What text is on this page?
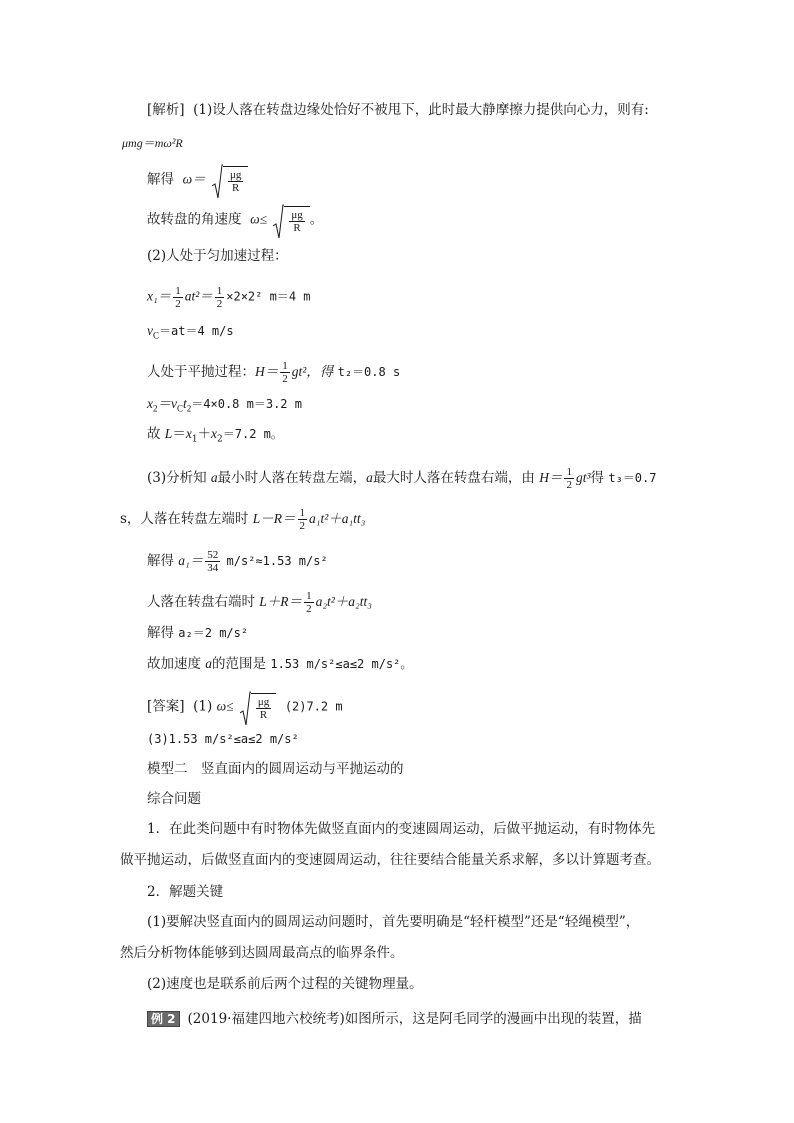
[解析] (1)设人落在转盘边缘处恰好不被甩下，此时最大静摩擦力提供向心力，则有:
μmg＝mω²R
解得 $\omega= \frac{\mu g}{R}$
故转盘的角速度 $\omega\le \frac{\mu g}{R}$ 。
(2)人处于匀加速过程：
$x_1= \frac{1}{2} at^2= \frac{1}{2} \times 2\times 2^2$ m＝4 m
$v_C=at=4$ m/s
人处于平抛过程：$H= \frac{1}{2} gt^2$，得 t₂＝0.8 s
$x_2=v_Ct_2=4\times 0.8$ m＝3.2 m
故 $L=x_1+x_2=7.2$ m。
(3)分析知 a最小时人落在转盘左端，a最大时人落在转盘右端，由 $H= \frac{1}{2} gt^3$得 t₃＝0.7
s，人落在转盘左端时 $L-R= \frac{1}{2} a_1t^2+a_1tt_3$
解得 $a_1= \frac{52}{34} m/s^2\approx 1.53$ m/s²
人落在转盘右端时 $L+R= \frac{1}{2} a_2t^2+a_2tt_3$
解得 a₂＝2 m/s²
故加速度 a的范围是 1.53 m/s²≤a≤2 m/s²。
[答案] (1) $\omega\le \frac{\mu g}{R} (2)7.2$ m
(3)1.53 m/s²≤a≤2 m/s²
模型二　竖直面内的圆周运动与平抛运动的
综合问题
1．在此类问题中有时物体先做竖直面内的变速圆周运动，后做平抛运动，有时物体先
做平抛运动，后做竖直面内的变速圆周运动，往往要结合能量关系求解，多以计算题考查。
2．解题关键
(1)要解决竖直面内的圆周运动问题时，首先要明确是“轻杆模型”还是“轻绳模型”，
然后分析物体能够到达圆周最高点的临界条件。
(2)速度也是联系前后两个过程的关键物理量。
例 2 (2019·福建四地六校统考)如图所示，这是阿毛同学的漫画中出现的装置，描
